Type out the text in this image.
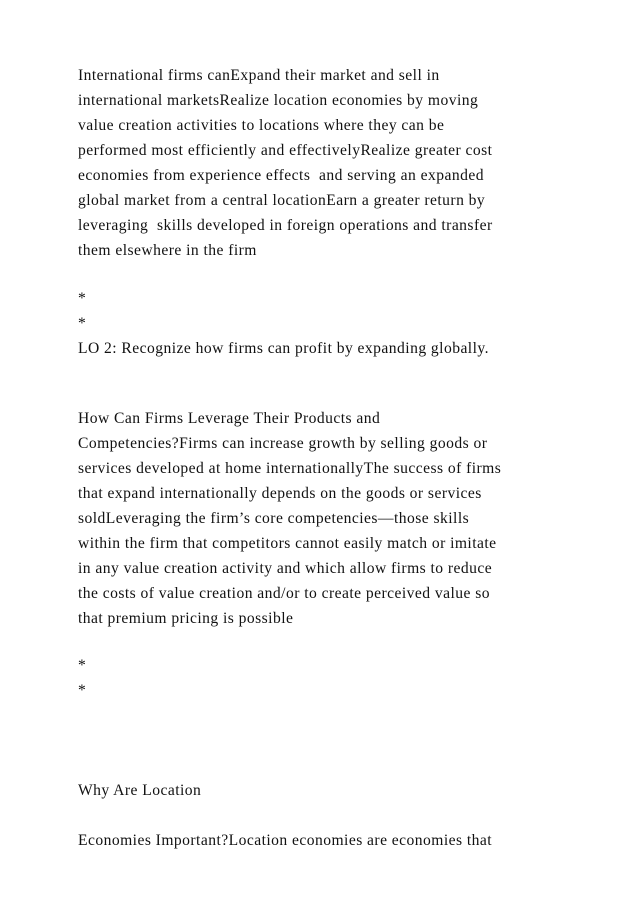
International firms canExpand their market and sell in
international marketsRealize location economies by moving
value creation activities to locations where they can be
performed most efficiently and effectivelyRealize greater cost
economies from experience effects  and serving an expanded
global market from a central locationEarn a greater return by
leveraging  skills developed in foreign operations and transfer
them elsewhere in the firm
*
*
LO 2: Recognize how firms can profit by expanding globally.
How Can Firms Leverage Their Products and
Competencies?Firms can increase growth by selling goods or
services developed at home internationallyThe success of firms
that expand internationally depends on the goods or services
soldLeveraging the firm’s core competencies—those skills
within the firm that competitors cannot easily match or imitate
in any value creation activity and which allow firms to reduce
the costs of value creation and/or to create perceived value so
that premium pricing is possible
*
*
Why Are Location
Economies Important?Location economies are economies that
